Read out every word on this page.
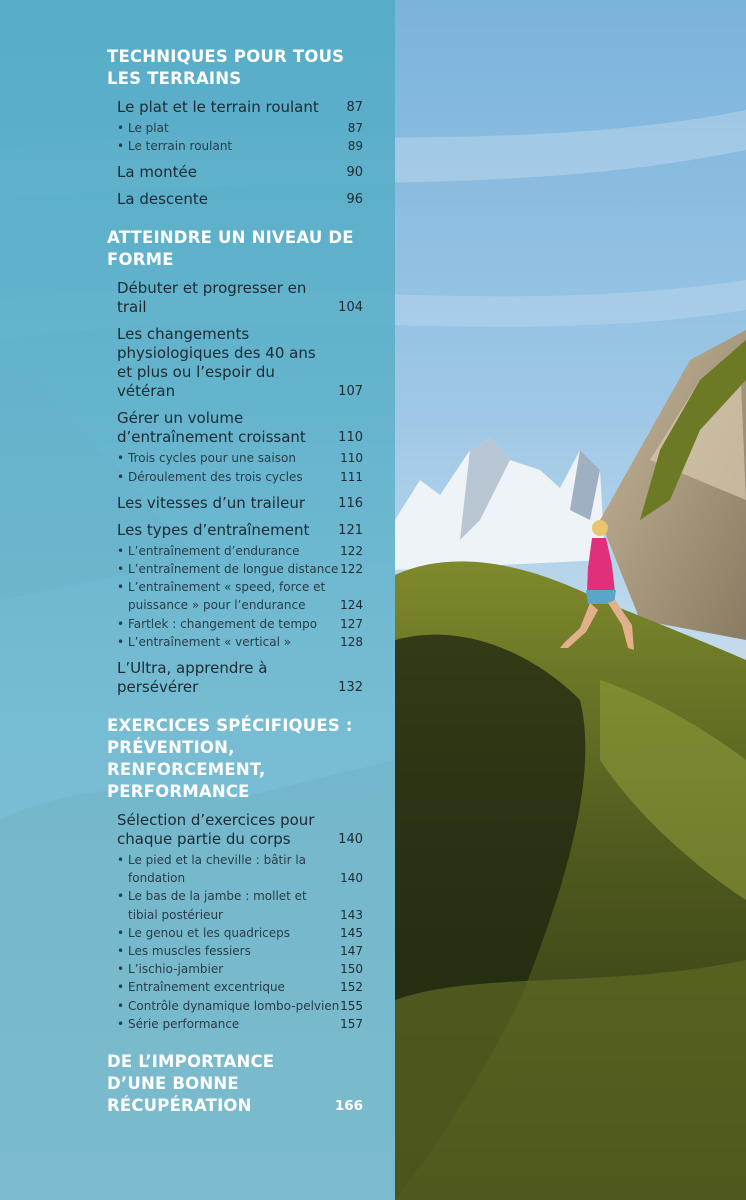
TECHNIQUES POUR TOUS LES TERRAINS
Le plat et le terrain roulant	87
• Le plat	87
• Le terrain roulant	89
La montée	90
La descente	96
ATTEINDRE UN NIVEAU DE FORME
Débuter et progresser en trail	104
Les changements physiologiques des 40 ans et plus ou l’espoir du vétéran	107
Gérer un volume d’entraînement croissant	110
• Trois cycles pour une saison	110
• Déroulement des trois cycles	111
Les vitesses d’un traileur	116
Les types d’entraînement	121
• L’entraînement d’endurance	122
• L’entraînement de longue distance 122
• L’entraînement « speed, force et puissance » pour l’endurance	124
• Fartlek : changement de tempo	127
• L’entraînement « vertical »	128
L’Ultra, apprendre à persévérer	132
EXERCICES SPÉCIFIQUES : PRÉVENTION, RENFORCEMENT, PERFORMANCE
Sélection d’exercices pour chaque partie du corps	140
• Le pied et la cheville : bâtir la fondation	140
• Le bas de la jambe : mollet et tibial postérieur	143
• Le genou et les quadriceps	145
• Les muscles fessiers	147
• L’ischio-jambier	150
• Entraînement excentrique	152
• Contrôle dynamique lombo-pelvien 155
• Série performance	157
DE L’IMPORTANCE D’UNE BONNE RÉCUPÉRATION	166
